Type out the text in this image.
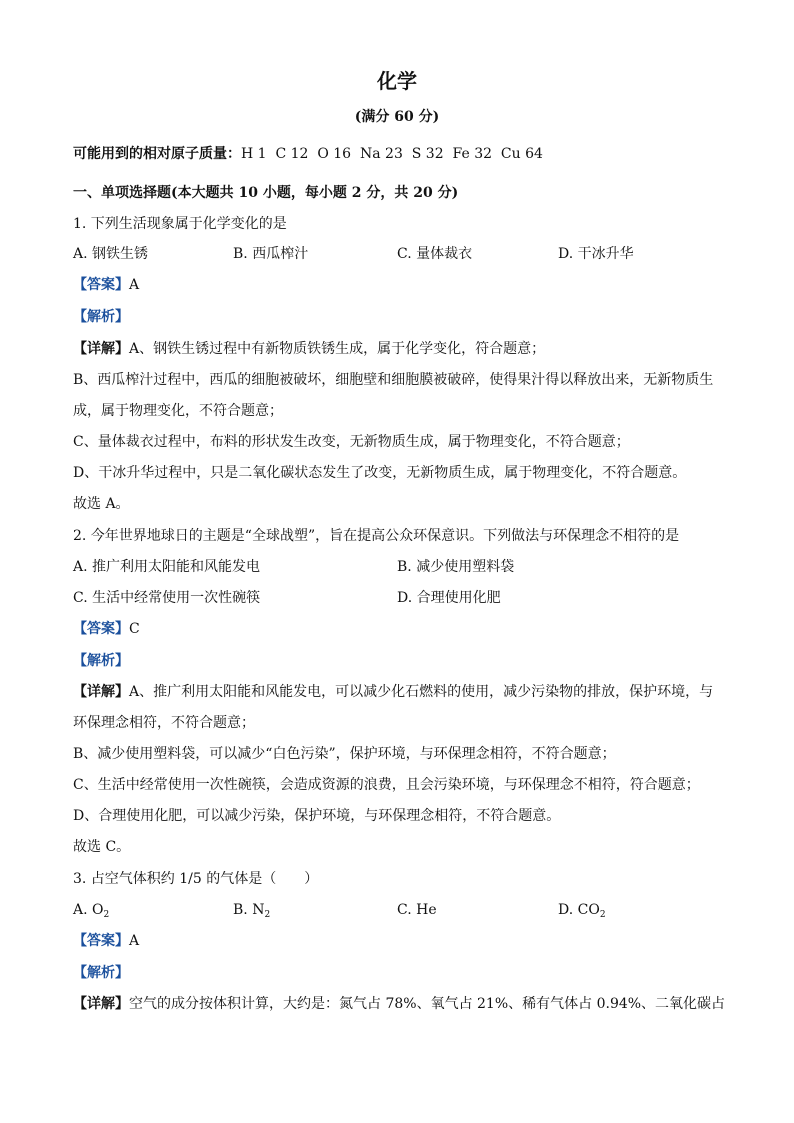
化学
(满分 60 分)
可能用到的相对原子质量：H 1  C 12  O 16  Na 23  S 32  Fe 32  Cu 64
一、单项选择题(本大题共 10 小题，每小题 2 分，共 20 分)
1. 下列生活现象属于化学变化的是
A. 钢铁生锈	B. 西瓜榨汁	C. 量体裁衣	D. 干冰升华
【答案】A
【解析】
【详解】A、钢铁生锈过程中有新物质铁锈生成，属于化学变化，符合题意；
B、西瓜榨汁过程中，西瓜的细胞被破坏，细胞壁和细胞膜被破碎，使得果汁得以释放出来，无新物质生
成，属于物理变化，不符合题意；
C、量体裁衣过程中，布料的形状发生改变，无新物质生成，属于物理变化，不符合题意；
D、干冰升华过程中，只是二氧化碳状态发生了改变，无新物质生成，属于物理变化，不符合题意。
故选 A。
2. 今年世界地球日的主题是“全球战塑”，旨在提高公众环保意识。下列做法与环保理念不相符的是
A. 推广利用太阳能和风能发电	B. 减少使用塑料袋
C. 生活中经常使用一次性碗筷	D. 合理使用化肥
【答案】C
【解析】
【详解】A、推广利用太阳能和风能发电，可以减少化石燃料的使用，减少污染物的排放，保护环境，与
环保理念相符，不符合题意；
B、减少使用塑料袋，可以减少“白色污染”，保护环境，与环保理念相符，不符合题意；
C、生活中经常使用一次性碗筷，会造成资源的浪费，且会污染环境，与环保理念不相符，符合题意；
D、合理使用化肥，可以减少污染，保护环境，与环保理念相符，不符合题意。
故选 C。
3. 占空气体积约 1/5 的气体是（　　）
A. $O_2$	B. $N_2$	C. He	D. $CO_2$
【答案】A
【解析】
【详解】空气的成分按体积计算，大约是：氮气占 78%、氧气占 21%、稀有气体占 0.94%、二氧化碳占
